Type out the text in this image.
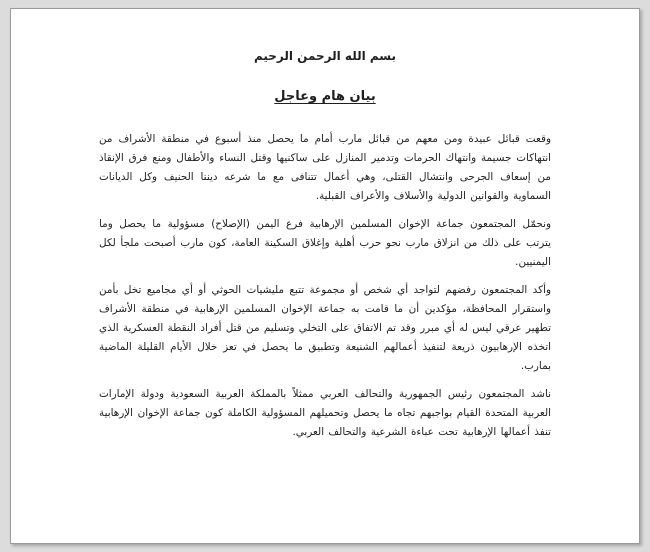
بسم الله الرحمن الرحيم
بيان هام وعاجل

وقعت قبائل عبيدة ومن معهم من قبائل مارب أمام ما يحصل منذ أسبوع في منطقة الأشراف من انتهاكات جسيمة وانتهاك الحرمات وتدمير المنازل على ساكنيها وقتل النساء والأطفال ومنع فرق الإنقاذ من إسعاف الجرحى وانتشال القتلى، وهي أعمال تتنافى مع ما شرعه ديننا الحنيف وكل الديانات السماوية والقوانين الدولية والأسلاف والأعراف القبلية.

ونحمّل المجتمعون جماعة الإخوان المسلمين الإرهابية فرع اليمن (الإصلاح) مسؤولية ما يحصل وما يترتب على ذلك من انزلاق مارب نحو حرب أهلية وإغلاق السكينة العامة، كون مارب أصبحت ملجأ لكل اليمنيين.

وأكد المجتمعون رفضهم لتواجد أي شخص أو مجموعة تتبع مليشيات الحوثي أو أي مجاميع تخل بأمن واستقرار المحافظة، مؤكدين أن ما قامت به جماعة الإخوان المسلمين الإرهابية في منطقة الأشراف تطهير عرقي ليس له أي مبرر وقد تم الاتفاق على التخلي وتسليم من قتل أفراد النقطة العسكرية الذي اتخذه الإرهابيون ذريعة لتنفيذ أعمالهم الشنيعة وتطبيق ما يحصل في تعز خلال الأيام القليلة الماضية بمارب.

ناشد المجتمعون رئيس الجمهورية والتحالف العربي ممثلاً بالمملكة العربية السعودية ودولة الإمارات العربية المتحدة القيام بواجبهم تجاه ما يحصل وتحميلهم المسؤولية الكاملة كون جماعة الإخوان الإرهابية تنفذ أعمالها الإرهابية تحت عباءة الشرعية والتحالف العربي.
